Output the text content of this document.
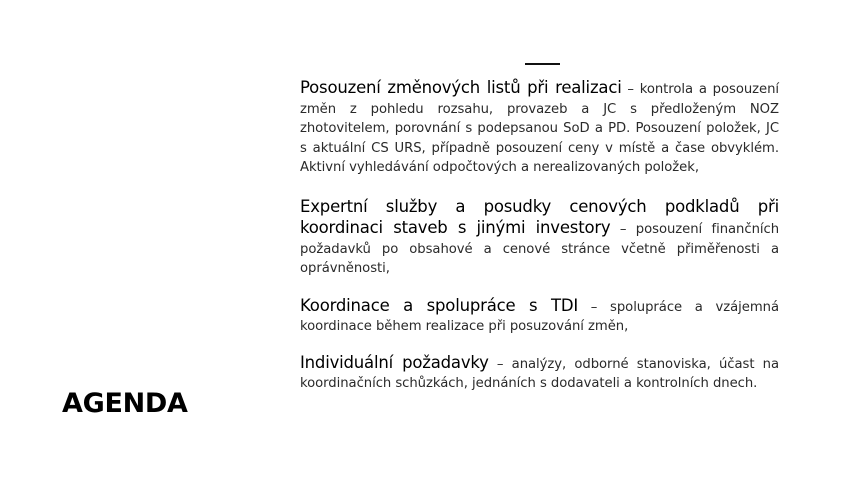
AGENDA

Posouzení změnových listů při realizaci – kontrola a posouzení změn z pohledu rozsahu, provazeb a JC s předloženým NOZ zhotovitelem, porovnání s podepsanou SoD a PD. Posouzení položek, JC s aktuální CS URS, případně posouzení ceny v místě a čase obvyklém. Aktivní vyhledávání odpočtových a nerealizovaných položek,

Expertní služby a posudky cenových podkladů při koordinaci staveb s jinými investory – posouzení finančních požadavků po obsahové a cenové stránce včetně přiměřenosti a oprávněnosti,

Koordinace a spolupráce s TDI – spolupráce a vzájemná koordinace během realizace při posuzování změn,

Individuální požadavky – analýzy, odborné stanoviska, účast na koordinačních schůzkách, jednáních s dodavateli a kontrolních dnech.
